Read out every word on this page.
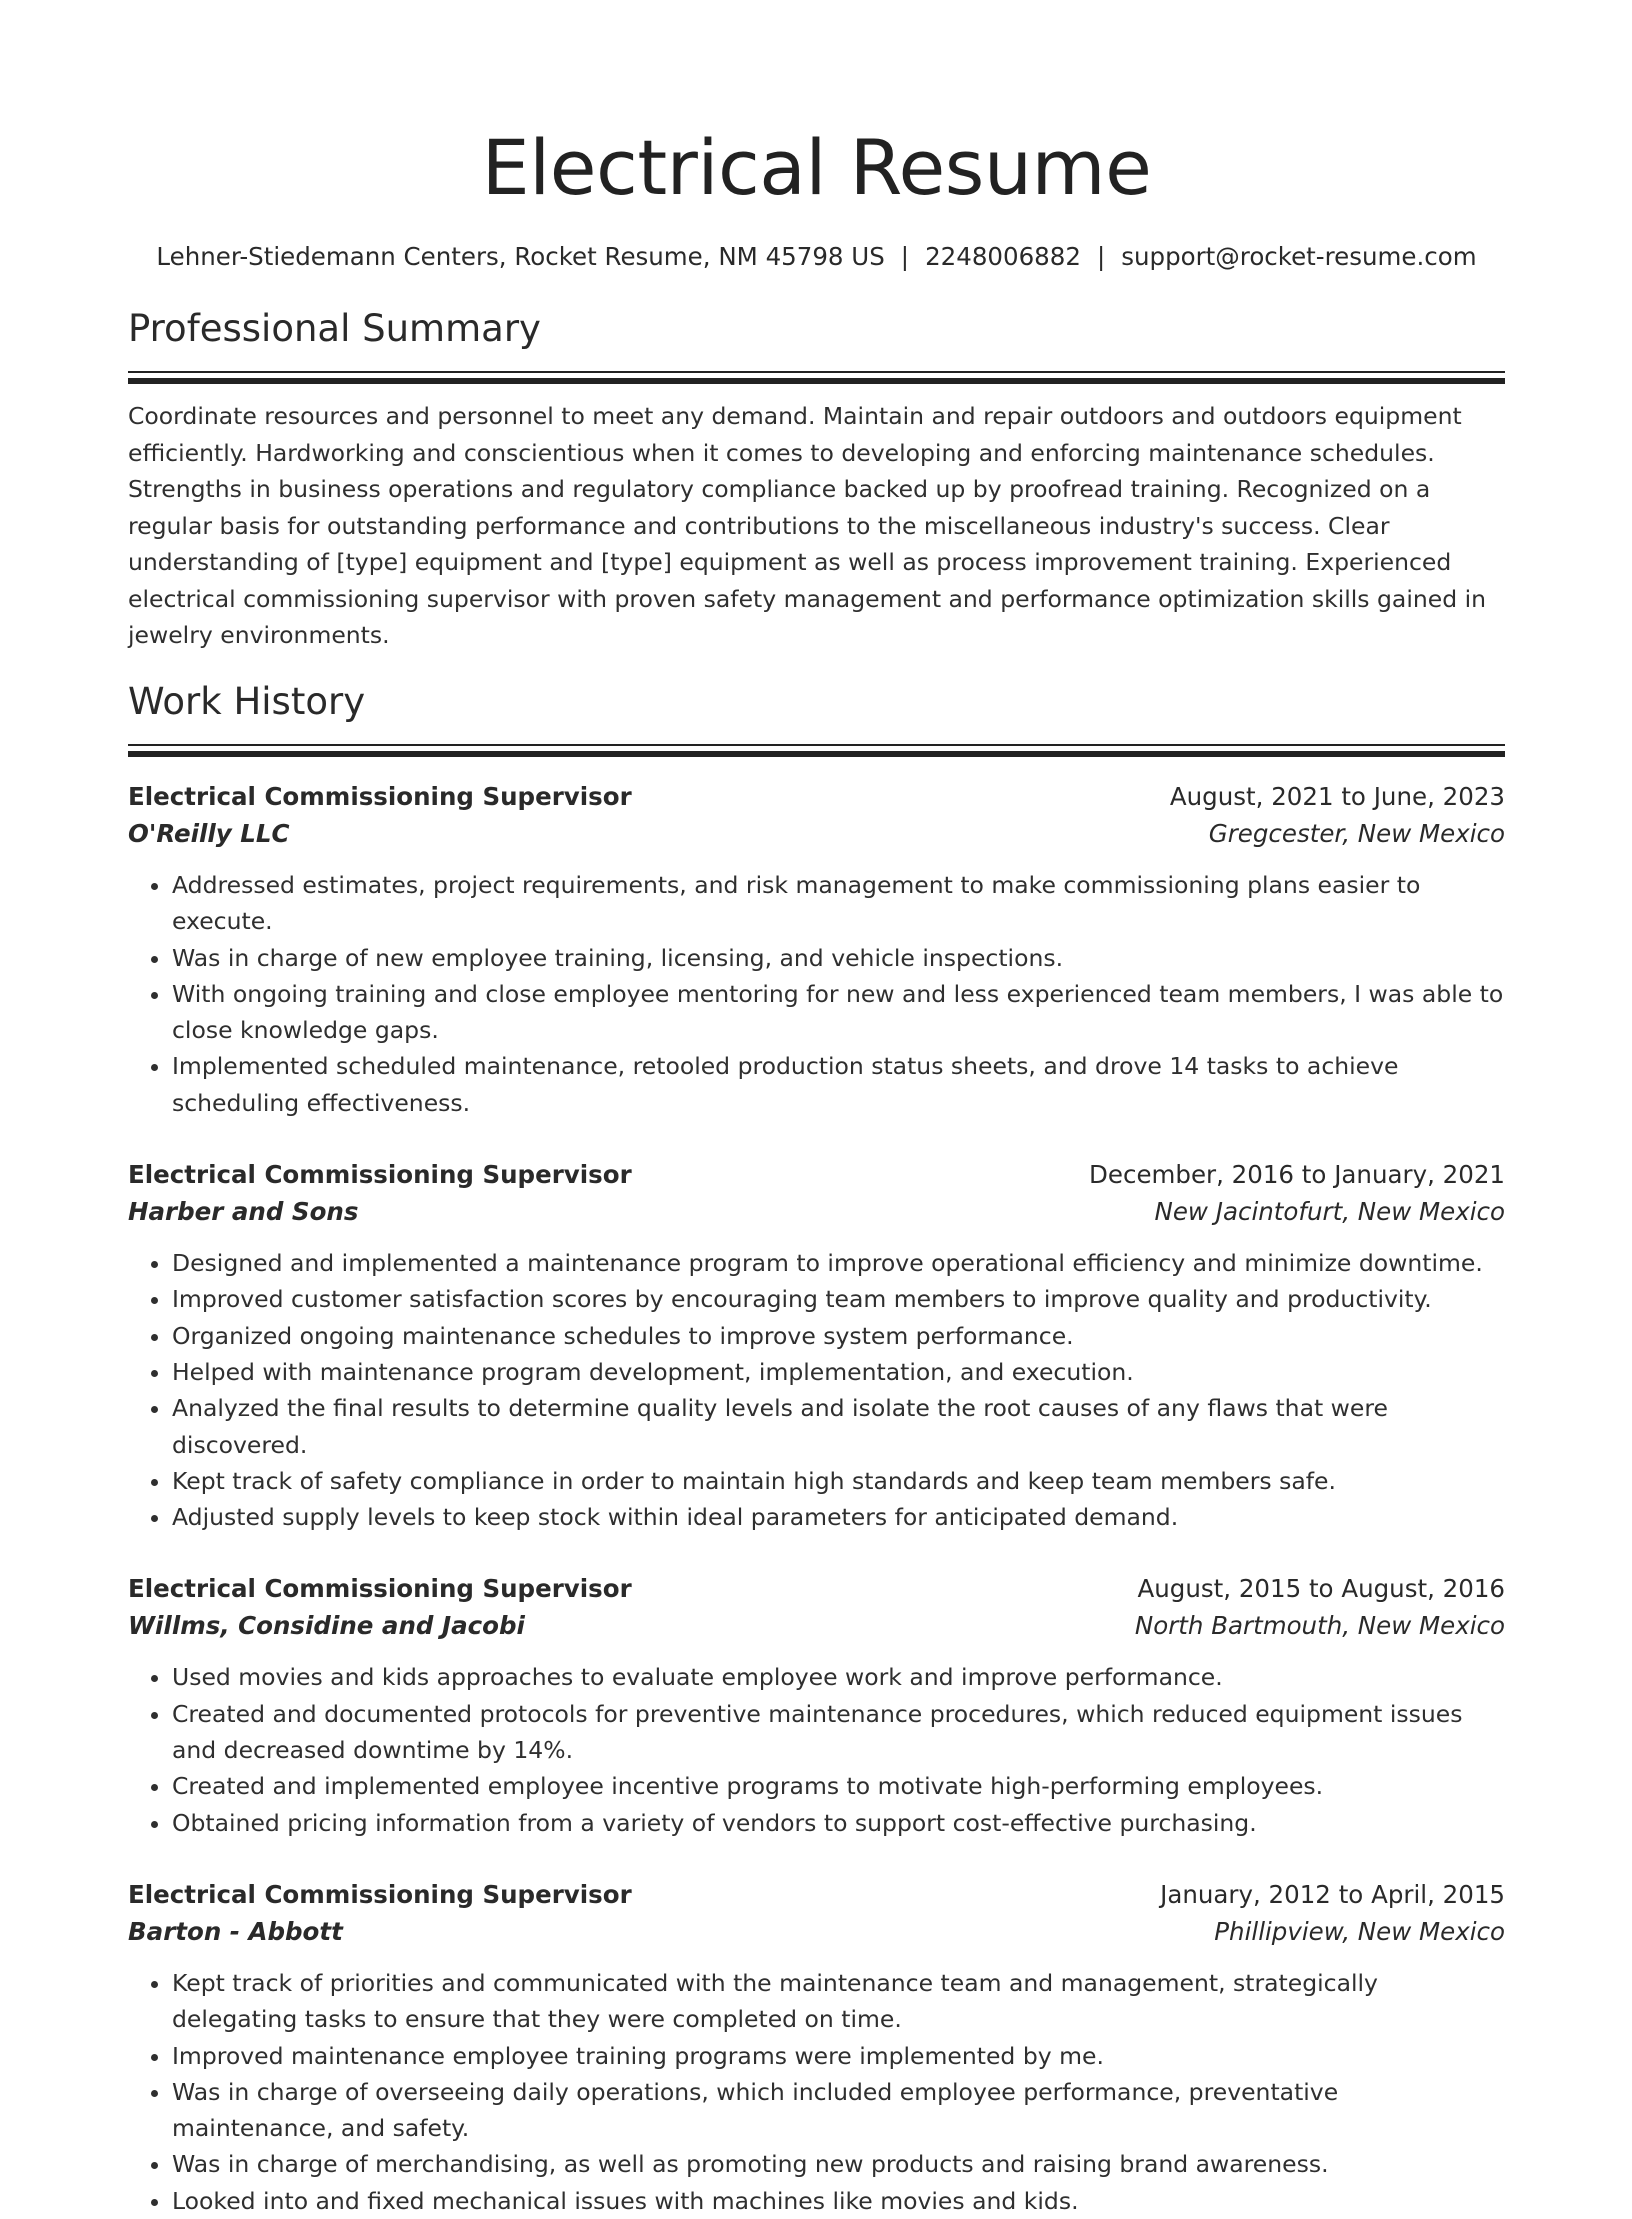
Electrical Resume
Lehner-Stiedemann Centers, Rocket Resume, NM 45798 US | 2248006882 | support@rocket-resume.com
Professional Summary

Coordinate resources and personnel to meet any demand. Maintain and repair outdoors and outdoors equipment efficiently. Hardworking and conscientious when it comes to developing and enforcing maintenance schedules. Strengths in business operations and regulatory compliance backed up by proofread training. Recognized on a regular basis for outstanding performance and contributions to the miscellaneous industry's success. Clear understanding of [type] equipment and [type] equipment as well as process improvement training. Experienced electrical commissioning supervisor with proven safety management and performance optimization skills gained in jewelry environments.

Work History
Electrical Commissioning Supervisor	August, 2021 to June, 2023
O'Reilly LLC	Gregcester, New Mexico
• Addressed estimates, project requirements, and risk management to make commissioning plans easier to execute.
• Was in charge of new employee training, licensing, and vehicle inspections.
• With ongoing training and close employee mentoring for new and less experienced team members, I was able to close knowledge gaps.
• Implemented scheduled maintenance, retooled production status sheets, and drove 14 tasks to achieve scheduling effectiveness.
Electrical Commissioning Supervisor	December, 2016 to January, 2021
Harber and Sons	New Jacintofurt, New Mexico
• Designed and implemented a maintenance program to improve operational efficiency and minimize downtime.
• Improved customer satisfaction scores by encouraging team members to improve quality and productivity.
• Organized ongoing maintenance schedules to improve system performance.
• Helped with maintenance program development, implementation, and execution.
• Analyzed the final results to determine quality levels and isolate the root causes of any flaws that were discovered.
• Kept track of safety compliance in order to maintain high standards and keep team members safe.
• Adjusted supply levels to keep stock within ideal parameters for anticipated demand.
Electrical Commissioning Supervisor	August, 2015 to August, 2016
Willms, Considine and Jacobi	North Bartmouth, New Mexico
• Used movies and kids approaches to evaluate employee work and improve performance.
• Created and documented protocols for preventive maintenance procedures, which reduced equipment issues and decreased downtime by 14%.
• Created and implemented employee incentive programs to motivate high-performing employees.
• Obtained pricing information from a variety of vendors to support cost-effective purchasing.
Electrical Commissioning Supervisor	January, 2012 to April, 2015
Barton - Abbott	Phillipview, New Mexico
• Kept track of priorities and communicated with the maintenance team and management, strategically delegating tasks to ensure that they were completed on time.
• Improved maintenance employee training programs were implemented by me.
• Was in charge of overseeing daily operations, which included employee performance, preventative maintenance, and safety.
• Was in charge of merchandising, as well as promoting new products and raising brand awareness.
• Looked into and fixed mechanical issues with machines like movies and kids.
